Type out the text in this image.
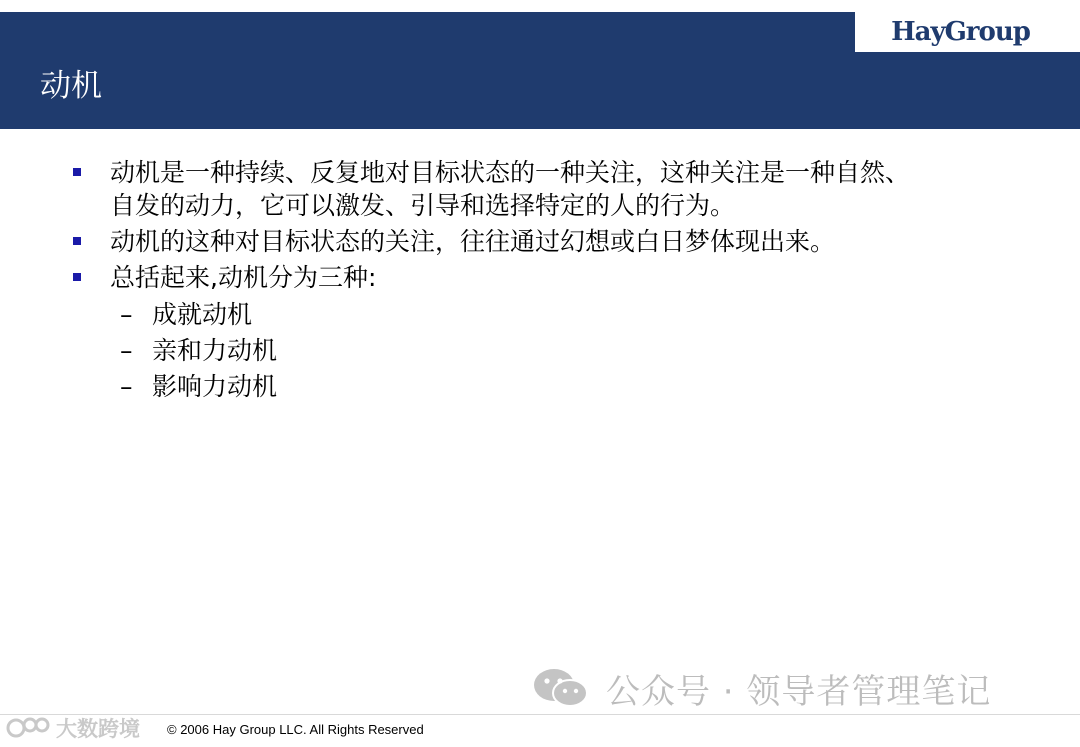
HayGroup
动机
动机是一种持续、反复地对目标状态的一种关注，这种关注是一种自然、
自发的动力，它可以激发、引导和选择特定的人的行为。
动机的这种对目标状态的关注，往往通过幻想或白日梦体现出来。
总括起来,动机分为三种:
– 成就动机
– 亲和力动机
– 影响力动机
公众号 · 领导者管理笔记
大数跨境 © 2006 Hay Group LLC. All Rights Reserved
